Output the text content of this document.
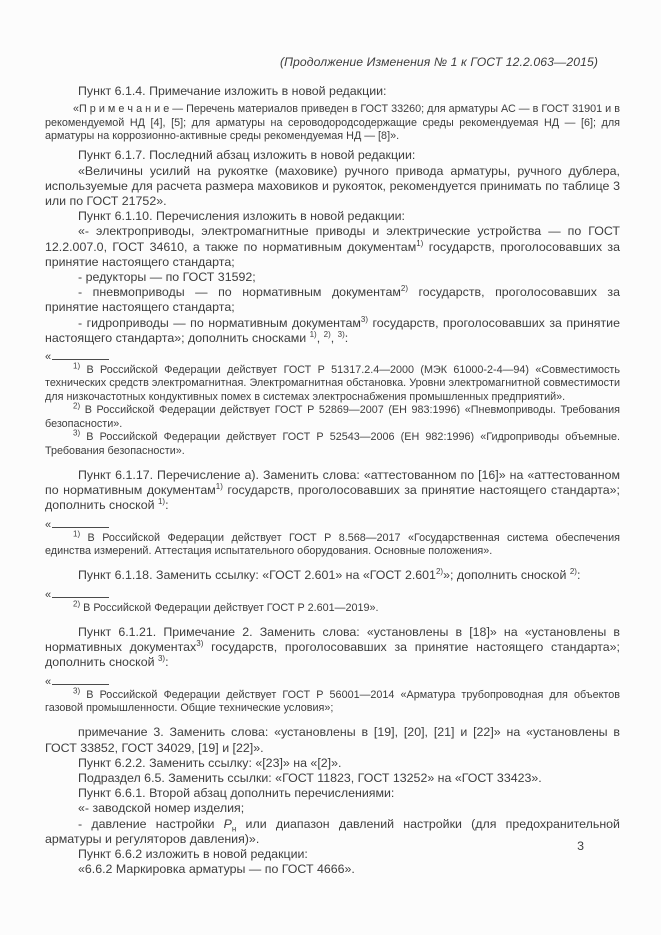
(Продолжение Изменения № 1 к ГОСТ 12.2.063—2015)

Пункт 6.1.4. Примечание изложить в новой редакции:

«П р и м е ч а н и е — Перечень материалов приведен в ГОСТ 33260; для арматуры АС — в ГОСТ 31901 и в рекомендуемой НД [4], [5]; для арматуры на сероводородсодержащие среды рекомендуемая НД — [6]; для арматуры на коррозионно-активные среды рекомендуемая НД — [8]».

Пункт 6.1.7. Последний абзац изложить в новой редакции:

«Величины усилий на рукоятке (маховике) ручного привода арматуры, ручного дублера, используемые для расчета размера маховиков и рукояток, рекомендуется принимать по таблице 3 или по ГОСТ 21752».

Пункт 6.1.10. Перечисления изложить в новой редакции:

«- электроприводы, электромагнитные приводы и электрические устройства — по ГОСТ 12.2.007.0, ГОСТ 34610, а также по нормативным документам$^{1)}$ государств, проголосовавших за принятие настоящего стандарта;

- редукторы — по ГОСТ 31592;

- пневмоприводы — по нормативным документам$^{2)}$ государств, проголосовавших за принятие настоящего стандарта;

- гидроприводы — по нормативным документам$^{3)}$ государств, проголосовавших за принятие настоящего стандарта»; дополнить сносками $^{1)}$, $^{2)}$, $^{3)}$:

«

$^{1)}$ В Российской Федерации действует ГОСТ Р 51317.2.4—2000 (МЭК 61000-2-4—94) «Совместимость технических средств электромагнитная. Электромагнитная обстановка. Уровни электромагнитной совместимости для низкочастотных кондуктивных помех в системах электроснабжения промышленных предприятий».

$^{2)}$ В Российской Федерации действует ГОСТ Р 52869—2007 (ЕН 983:1996) «Пневмоприводы. Требования безопасности».

$^{3)}$ В Российской Федерации действует ГОСТ Р 52543—2006 (ЕН 982:1996) «Гидроприводы объемные. Требования безопасности».

Пункт 6.1.17. Перечисление а). Заменить слова: «аттестованном по [16]» на «аттестованном по нормативным документам$^{1)}$ государств, проголосовавших за принятие настоящего стандарта»; дополнить сноской $^{1)}$:

«

$^{1)}$ В Российской Федерации действует ГОСТ Р 8.568—2017 «Государственная система обеспечения единства измерений. Аттестация испытательного оборудования. Основные положения».

Пункт 6.1.18. Заменить ссылку: «ГОСТ 2.601» на «ГОСТ 2.601$^{2)}$»; дополнить сноской $^{2)}$:

«

$^{2)}$ В Российской Федерации действует ГОСТ Р 2.601—2019».

Пункт 6.1.21. Примечание 2. Заменить слова: «установлены в [18]» на «установлены в нормативных документах$^{3)}$ государств, проголосовавших за принятие настоящего стандарта»; дополнить сноской $^{3)}$:

«

$^{3)}$ В Российской Федерации действует ГОСТ Р 56001—2014 «Арматура трубопроводная для объектов газовой промышленности. Общие технические условия»;

примечание 3. Заменить слова: «установлены в [19], [20], [21] и [22]» на «установлены в ГОСТ 33852, ГОСТ 34029, [19] и [22]».

Пункт 6.2.2. Заменить ссылку: «[23]» на «[2]».

Подраздел 6.5. Заменить ссылки: «ГОСТ 11823, ГОСТ 13252» на «ГОСТ 33423».

Пункт 6.6.1. Второй абзац дополнить перечислениями:

«- заводской номер изделия;

- давление настройки $Р_н$ или диапазон давлений настройки (для предохранительной арматуры и регуляторов давления)».

Пункт 6.6.2 изложить в новой редакции:

«6.6.2 Маркировка арматуры — по ГОСТ 4666».

3
